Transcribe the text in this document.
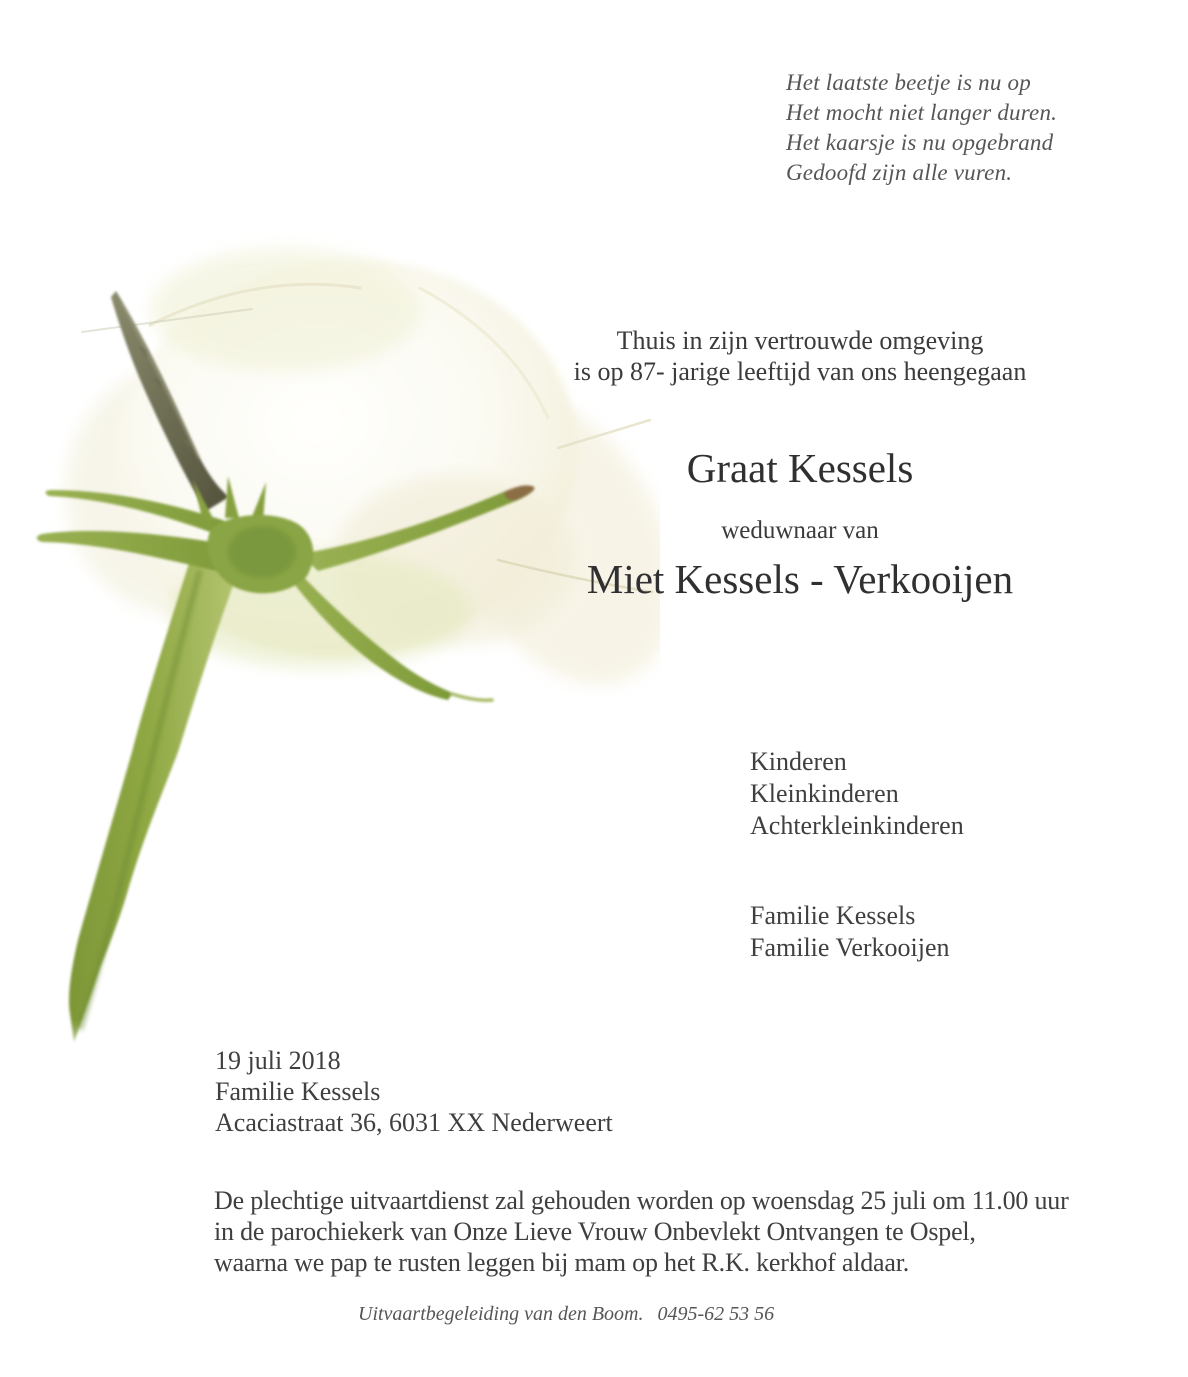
Het laatste beetje is nu op
Het mocht niet langer duren.
Het kaarsje is nu opgebrand
Gedoofd zijn alle vuren.
Thuis in zijn vertrouwde omgeving
is op 87- jarige leeftijd van ons heengegaan
Graat Kessels
weduwnaar van
Miet Kessels - Verkooijen
Kinderen
Kleinkinderen
Achterkleinkinderen
Familie Kessels
Familie Verkooijen
19 juli 2018
Familie Kessels
Acaciastraat 36, 6031 XX Nederweert
De plechtige uitvaartdienst zal gehouden worden op woensdag 25 juli om 11.00 uur
in de parochiekerk van Onze Lieve Vrouw Onbevlekt Ontvangen te Ospel,
waarna we pap te rusten leggen bij mam op het R.K. kerkhof aldaar.
Uitvaartbegeleiding van den Boom. 0495-62 53 56
